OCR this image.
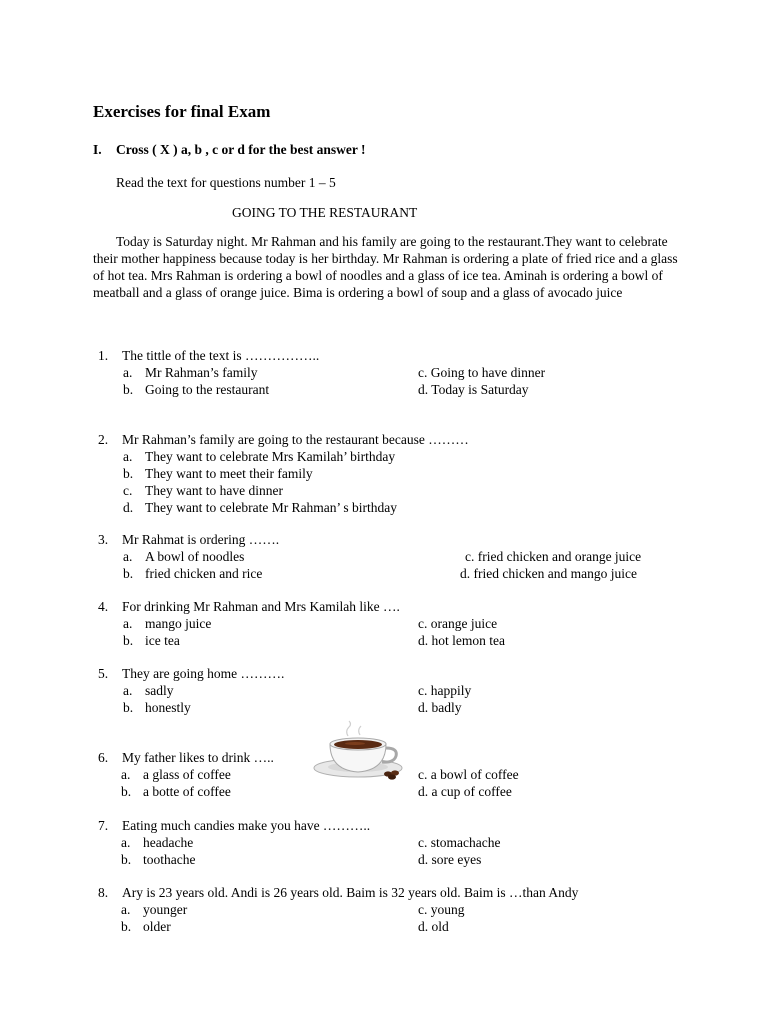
Exercises for final Exam
I. Cross ( X ) a, b , c or d for the best answer !
Read the text for questions number 1 – 5
GOING TO THE RESTAURANT

Today is Saturday night. Mr Rahman and his family are going to the restaurant.They want to celebrate their mother happiness because today is her birthday. Mr Rahman is ordering a plate of fried rice and a glass of hot tea. Mrs Rahman is ordering a bowl of noodles and a glass of ice tea. Aminah is ordering a bowl of meatball and a glass of orange juice. Bima is ordering a bowl of soup and a glass of avocado juice

1. The tittle of the text is ……………..
a. Mr Rahman’s family
b. Going to the restaurant
c. Going to have dinner
d. Today is Saturday
2. Mr Rahman’s family are going to the restaurant because ………
a. They want to celebrate Mrs Kamilah’ birthday
b. They want to meet their family
c. They want to have dinner
d. They want to celebrate Mr Rahman’ s birthday
3. Mr Rahmat is ordering …….
a. A bowl of noodles
b. fried chicken and rice
c. fried chicken and orange juice
d. fried chicken and mango juice
4. For drinking Mr Rahman and Mrs Kamilah like ….
a. mango juice
b. ice tea
c. orange juice
d. hot lemon tea
5. They are going home ……….
a. sadly
b. honestly
c. happily
d. badly
6. My father likes to drink …..
a. a glass of coffee
b. a botte of coffee
c. a bowl of coffee
d. a cup of coffee
7. Eating much candies make you have ………..
a. headache
b. toothache
c. stomachache
d. sore eyes
8. Ary is 23 years old. Andi is 26 years old. Baim is 32 years old. Baim is …than Andy
a. younger
b. older
c. young
d. old
